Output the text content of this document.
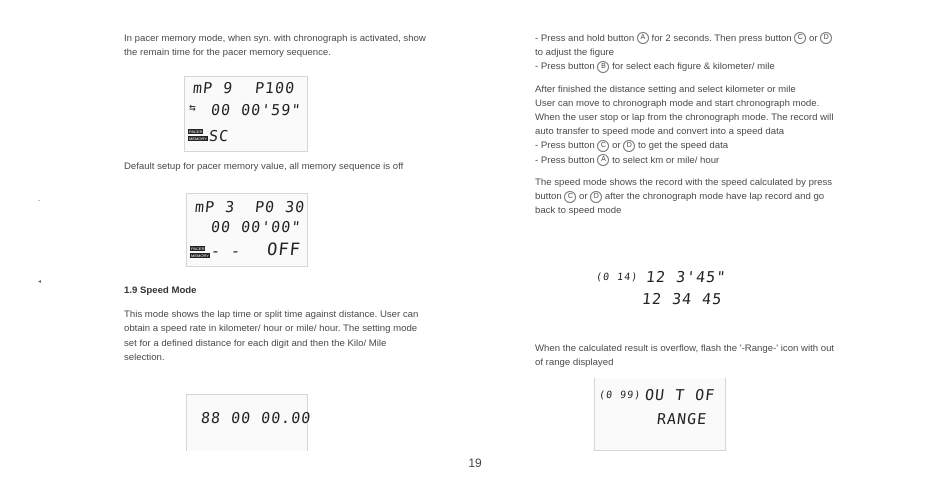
In pacer memory mode, when syn. with chronograph is activated, show the remain time for the pacer memory sequence.

mP 9 P100
00 00'59"
⇆
PACER
MEMORY SC

Default setup for pacer memory value, all memory sequence is off

mP 3 P0 30
00 00'00"
PACER
MEMORY - - OFF

1.9 Speed Mode

This mode shows the lap time or split time against distance. User can obtain a speed rate in kilometer/ hour or mile/ hour. The setting mode set for a defined distance for each digit and then the Kilo/ Mile selection.

88 00 00.00
-
◂

- Press and hold button A for 2 seconds. Then press button C or D to adjust the figure

- Press button B for select each figure & kilometer/ mile

After finished the distance setting and select kilometer or mile

User can move to chronograph mode and start chronograph mode. When the user stop or lap from the chronograph mode. The record will auto transfer to speed mode and convert into a speed data

- Press button C or D to get the speed data

- Press button A to select km or mile/ hour

The speed mode shows the record with the speed calculated by press button C or D after the chronograph mode have lap record and go back to speed mode

(0 14) 12 3'45"
12 34 45

When the calculated result is overflow, flash the '-Range-' icon with out of range displayed

(0 99) OU T OF
RANGE
19
